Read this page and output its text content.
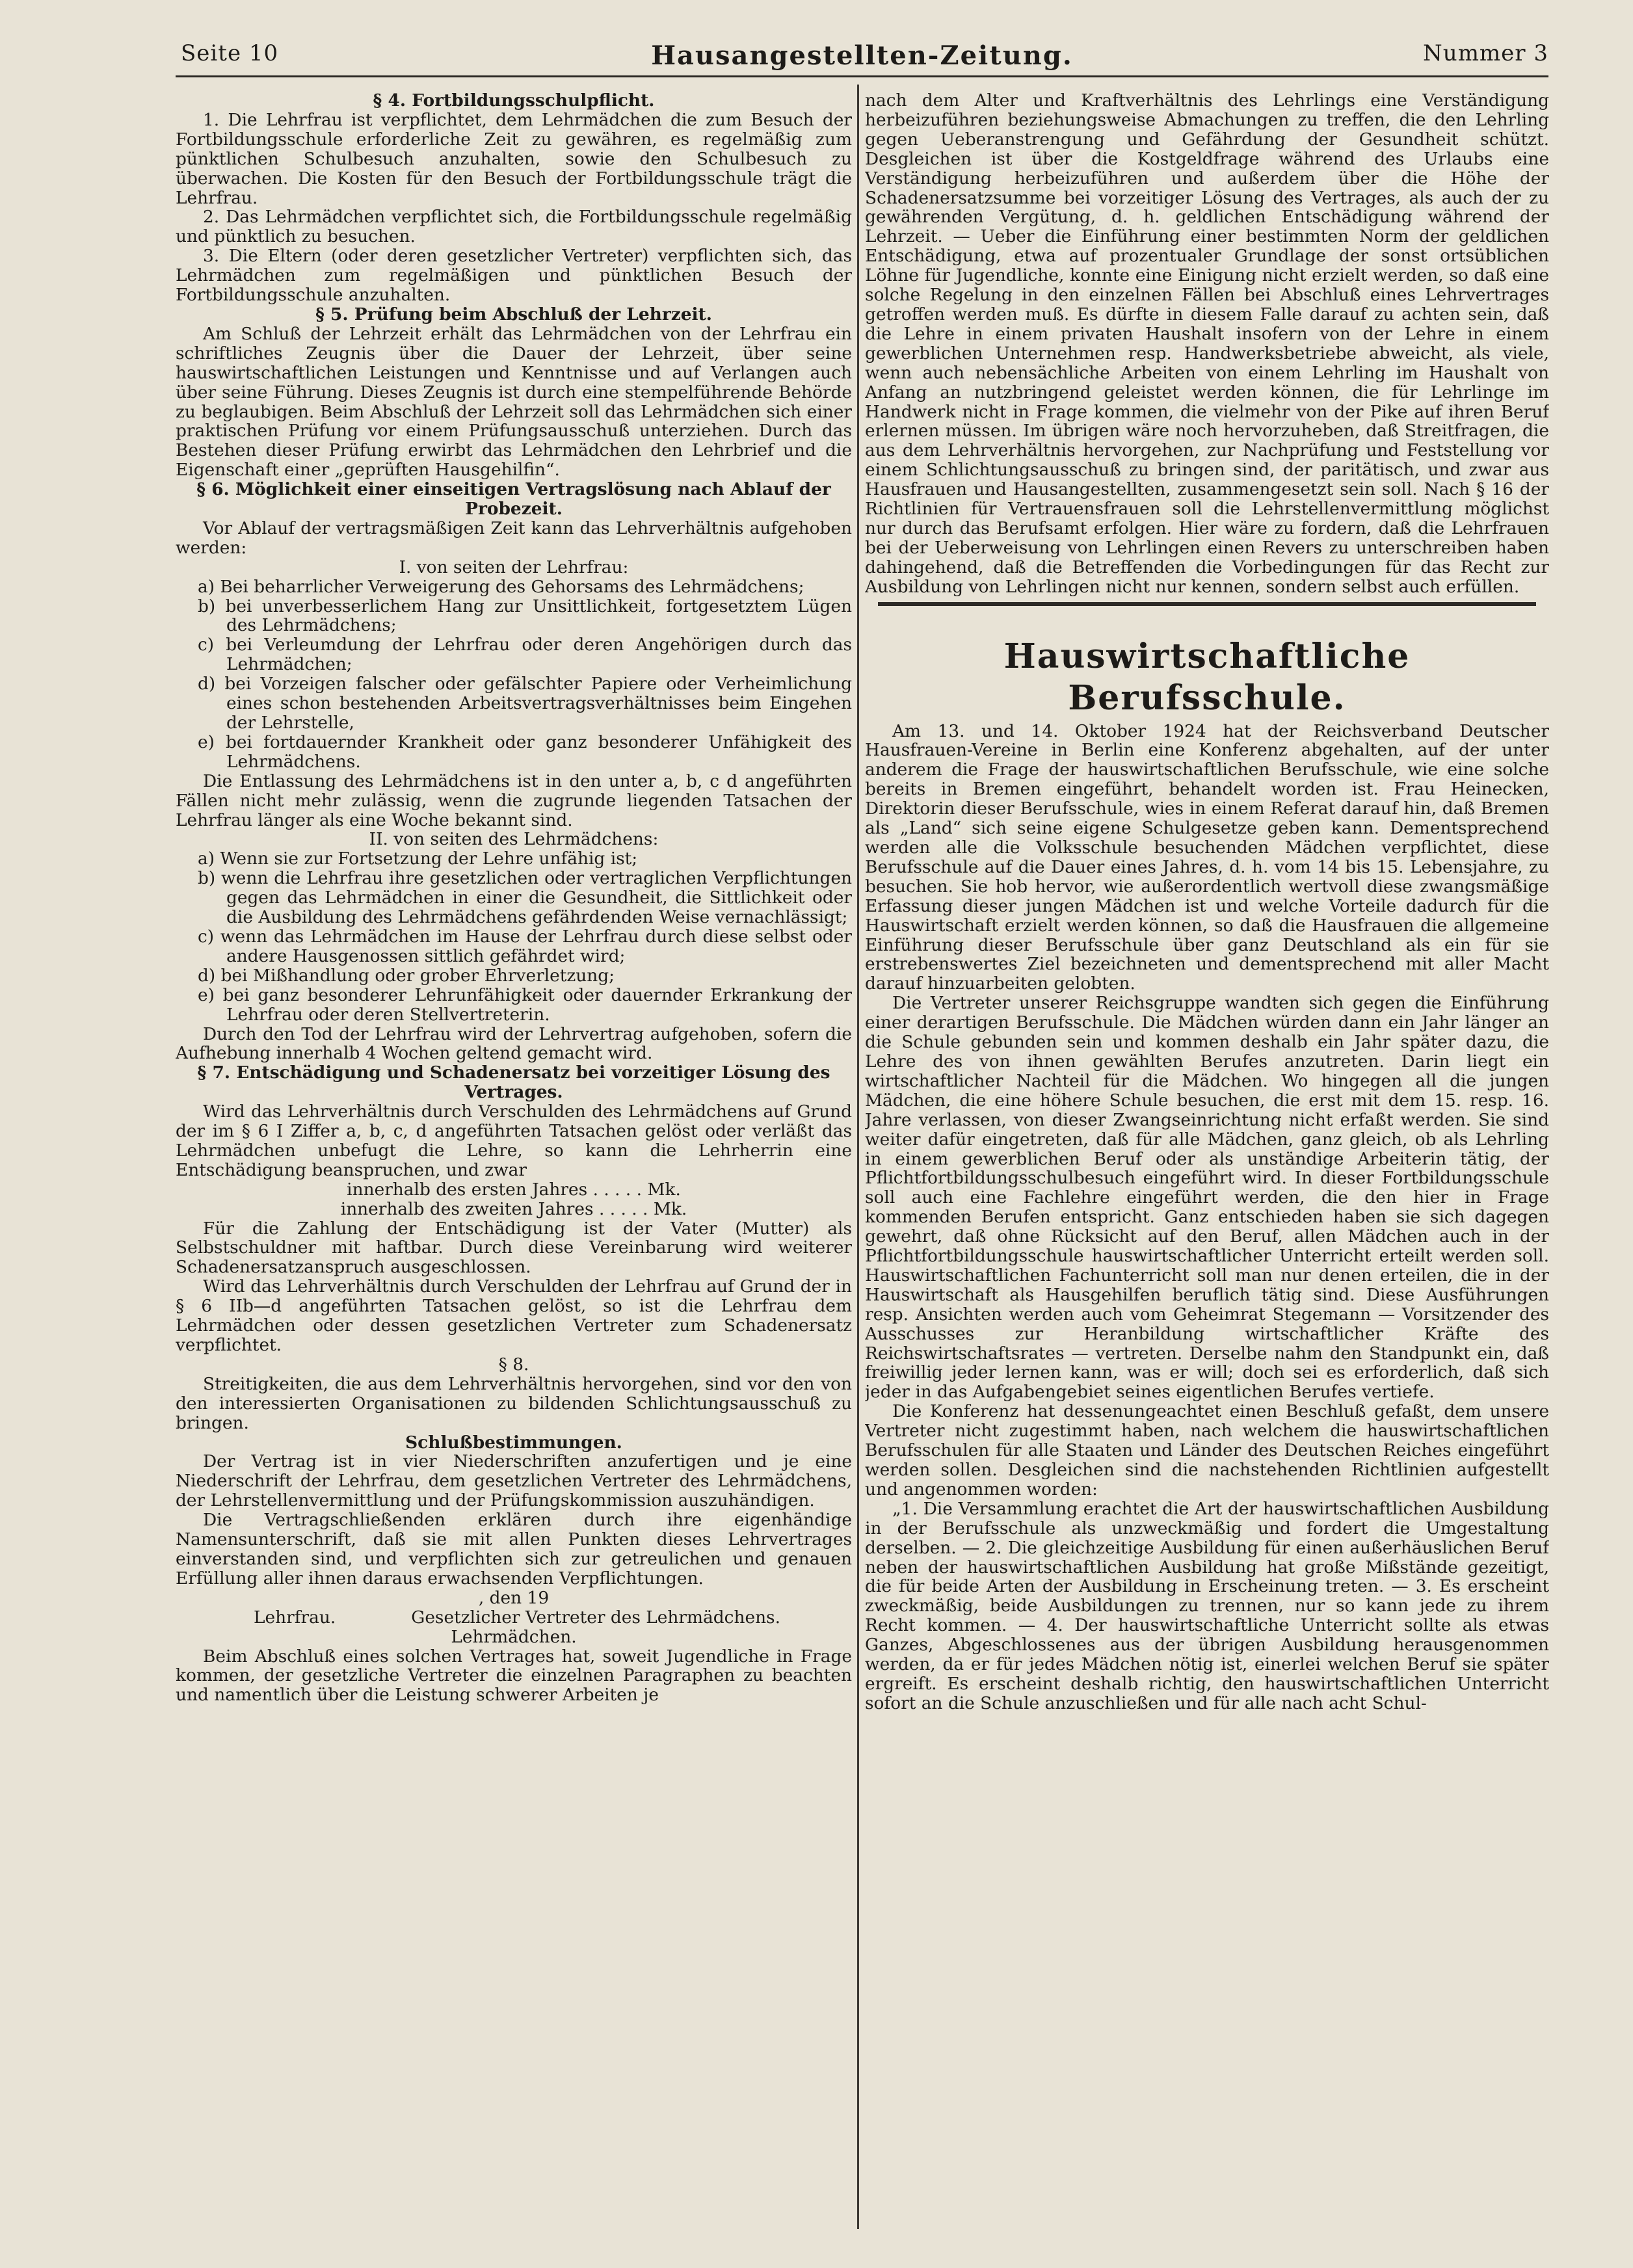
Seite 10	Hausangestellten-Zeitung.	Nummer 3

§ 4. Fortbildungsschulpflicht.

1. Die Lehrfrau ist verpflichtet, dem Lehrmädchen die zum Besuch der Fortbildungsschule erforderliche Zeit zu gewähren, es regelmäßig zum pünktlichen Schulbesuch anzuhalten, sowie den Schulbesuch zu überwachen. Die Kosten für den Besuch der Fortbildungsschule trägt die Lehrfrau.

2. Das Lehrmädchen verpflichtet sich, die Fortbildungsschule regelmäßig und pünktlich zu besuchen.

3. Die Eltern (oder deren gesetzlicher Vertreter) verpflichten sich, das Lehrmädchen zum regelmäßigen und pünktlichen Besuch der Fortbildungsschule anzuhalten.

§ 5. Prüfung beim Abschluß der Lehrzeit.

Am Schluß der Lehrzeit erhält das Lehrmädchen von der Lehrfrau ein schriftliches Zeugnis über die Dauer der Lehrzeit, über seine hauswirtschaftlichen Leistungen und Kenntnisse und auf Verlangen auch über seine Führung. Dieses Zeugnis ist durch eine stempelführende Behörde zu beglaubigen. Beim Abschluß der Lehrzeit soll das Lehrmädchen sich einer praktischen Prüfung vor einem Prüfungsausschuß unterziehen. Durch das Bestehen dieser Prüfung erwirbt das Lehrmädchen den Lehrbrief und die Eigenschaft einer „geprüften Hausgehilfin“.

§ 6. Möglichkeit einer einseitigen Vertragslösung nach Ablauf der Probezeit.

Vor Ablauf der vertragsmäßigen Zeit kann das Lehrverhältnis aufgehoben werden:

I. von seiten der Lehrfrau:

a) Bei beharrlicher Verweigerung des Gehorsams des Lehrmädchens;

b) bei unverbesserlichem Hang zur Unsittlichkeit, fortgesetztem Lügen des Lehrmädchens;

c) bei Verleumdung der Lehrfrau oder deren Angehörigen durch das Lehrmädchen;

d) bei Vorzeigen falscher oder gefälschter Papiere oder Verheimlichung eines schon bestehenden Arbeitsvertragsverhältnisses beim Eingehen der Lehrstelle,

e) bei fortdauernder Krankheit oder ganz besonderer Unfähigkeit des Lehrmädchens.

Die Entlassung des Lehrmädchens ist in den unter a, b, c d angeführten Fällen nicht mehr zulässig, wenn die zugrunde liegenden Tatsachen der Lehrfrau länger als eine Woche bekannt sind.

II. von seiten des Lehrmädchens:

a) Wenn sie zur Fortsetzung der Lehre unfähig ist;

b) wenn die Lehrfrau ihre gesetzlichen oder vertraglichen Verpflichtungen gegen das Lehrmädchen in einer die Gesundheit, die Sittlichkeit oder die Ausbildung des Lehrmädchens gefährdenden Weise vernachlässigt;

c) wenn das Lehrmädchen im Hause der Lehrfrau durch diese selbst oder andere Hausgenossen sittlich gefährdet wird;

d) bei Mißhandlung oder grober Ehrverletzung;

e) bei ganz besonderer Lehrunfähigkeit oder dauernder Erkrankung der Lehrfrau oder deren Stellvertreterin.

Durch den Tod der Lehrfrau wird der Lehrvertrag aufgehoben, sofern die Aufhebung innerhalb 4 Wochen geltend gemacht wird.

§ 7. Entschädigung und Schadenersatz bei vorzeitiger Lösung des Vertrages.

Wird das Lehrverhältnis durch Verschulden des Lehrmädchens auf Grund der im § 6 I Ziffer a, b, c, d angeführten Tatsachen gelöst oder verläßt das Lehrmädchen unbefugt die Lehre, so kann die Lehrherrin eine Entschädigung beanspruchen, und zwar

innerhalb des ersten Jahres . . . . . Mk.

innerhalb des zweiten Jahres . . . . . Mk.

Für die Zahlung der Entschädigung ist der Vater (Mutter) als Selbstschuldner mit haftbar. Durch diese Vereinbarung wird weiterer Schadenersatzanspruch ausgeschlossen.

Wird das Lehrverhältnis durch Verschulden der Lehrfrau auf Grund der in § 6 IIb—d angeführten Tatsachen gelöst, so ist die Lehrfrau dem Lehrmädchen oder dessen gesetzlichen Vertreter zum Schadenersatz verpflichtet.

§ 8.

Streitigkeiten, die aus dem Lehrverhältnis hervorgehen, sind vor den von den interessierten Organisationen zu bildenden Schlichtungsausschuß zu bringen.

Schlußbestimmungen.

Der Vertrag ist in vier Niederschriften anzufertigen und je eine Niederschrift der Lehrfrau, dem gesetzlichen Vertreter des Lehrmädchens, der Lehrstellenvermittlung und der Prüfungskommission auszuhändigen.

Die Vertragschließenden erklären durch ihre eigenhändige Namensunterschrift, daß sie mit allen Punkten dieses Lehrvertrages einverstanden sind, und verpflichten sich zur getreulichen und genauen Erfüllung aller ihnen daraus erwachsenden Verpflichtungen.

, den 19

Lehrfrau.	Gesetzlicher Vertreter des Lehrmädchens.

Lehrmädchen.

Beim Abschluß eines solchen Vertrages hat, soweit Jugendliche in Frage kommen, der gesetzliche Vertreter die einzelnen Paragraphen zu beachten und namentlich über die Leistung schwerer Arbeiten je

nach dem Alter und Kraftverhältnis des Lehrlings eine Verständigung herbeizuführen beziehungsweise Abmachungen zu treffen, die den Lehrling gegen Ueberanstrengung und Gefährdung der Gesundheit schützt. Desgleichen ist über die Kostgeldfrage während des Urlaubs eine Verständigung herbeizuführen und außerdem über die Höhe der Schadenersatzsumme bei vorzeitiger Lösung des Vertrages, als auch der zu gewährenden Vergütung, d. h. geldlichen Entschädigung während der Lehrzeit. — Ueber die Einführung einer bestimmten Norm der geldlichen Entschädigung, etwa auf prozentualer Grundlage der sonst ortsüblichen Löhne für Jugendliche, konnte eine Einigung nicht erzielt werden, so daß eine solche Regelung in den einzelnen Fällen bei Abschluß eines Lehrvertrages getroffen werden muß. Es dürfte in diesem Falle darauf zu achten sein, daß die Lehre in einem privaten Haushalt insofern von der Lehre in einem gewerblichen Unternehmen resp. Handwerksbetriebe abweicht, als viele, wenn auch nebensächliche Arbeiten von einem Lehrling im Haushalt von Anfang an nutzbringend geleistet werden können, die für Lehrlinge im Handwerk nicht in Frage kommen, die vielmehr von der Pike auf ihren Beruf erlernen müssen. Im übrigen wäre noch hervorzuheben, daß Streitfragen, die aus dem Lehrverhältnis hervorgehen, zur Nachprüfung und Feststellung vor einem Schlichtungsausschuß zu bringen sind, der paritätisch, und zwar aus Hausfrauen und Hausangestellten, zusammengesetzt sein soll. Nach § 16 der Richtlinien für Vertrauensfrauen soll die Lehrstellenvermittlung möglichst nur durch das Berufsamt erfolgen. Hier wäre zu fordern, daß die Lehrfrauen bei der Ueberweisung von Lehrlingen einen Revers zu unterschreiben haben dahingehend, daß die Betreffenden die Vorbedingungen für das Recht zur Ausbildung von Lehrlingen nicht nur kennen, sondern selbst auch erfüllen.

Hauswirtschaftliche Berufsschule.

Am 13. und 14. Oktober 1924 hat der Reichsverband Deutscher Hausfrauen-Vereine in Berlin eine Konferenz abgehalten, auf der unter anderem die Frage der hauswirtschaftlichen Berufsschule, wie eine solche bereits in Bremen eingeführt, behandelt worden ist. Frau Heinecken, Direktorin dieser Berufsschule, wies in einem Referat darauf hin, daß Bremen als „Land“ sich seine eigene Schulgesetze geben kann. Dementsprechend werden alle die Volksschule besuchenden Mädchen verpflichtet, diese Berufsschule auf die Dauer eines Jahres, d. h. vom 14 bis 15. Lebensjahre, zu besuchen. Sie hob hervor, wie außerordentlich wertvoll diese zwangsmäßige Erfassung dieser jungen Mädchen ist und welche Vorteile dadurch für die Hauswirtschaft erzielt werden können, so daß die Hausfrauen die allgemeine Einführung dieser Berufsschule über ganz Deutschland als ein für sie erstrebenswertes Ziel bezeichneten und dementsprechend mit aller Macht darauf hinzuarbeiten gelobten.

Die Vertreter unserer Reichsgruppe wandten sich gegen die Einführung einer derartigen Berufsschule. Die Mädchen würden dann ein Jahr länger an die Schule gebunden sein und kommen deshalb ein Jahr später dazu, die Lehre des von ihnen gewählten Berufes anzutreten. Darin liegt ein wirtschaftlicher Nachteil für die Mädchen. Wo hingegen all die jungen Mädchen, die eine höhere Schule besuchen, die erst mit dem 15. resp. 16. Jahre verlassen, von dieser Zwangseinrichtung nicht erfaßt werden. Sie sind weiter dafür eingetreten, daß für alle Mädchen, ganz gleich, ob als Lehrling in einem gewerblichen Beruf oder als unständige Arbeiterin tätig, der Pflichtfortbildungsschulbesuch eingeführt wird. In dieser Fortbildungsschule soll auch eine Fachlehre eingeführt werden, die den hier in Frage kommenden Berufen entspricht. Ganz entschieden haben sie sich dagegen gewehrt, daß ohne Rücksicht auf den Beruf, allen Mädchen auch in der Pflichtfortbildungsschule hauswirtschaftlicher Unterricht erteilt werden soll. Hauswirtschaftlichen Fachunterricht soll man nur denen erteilen, die in der Hauswirtschaft als Hausgehilfen beruflich tätig sind. Diese Ausführungen resp. Ansichten werden auch vom Geheimrat Stegemann — Vorsitzender des Ausschusses zur Heranbildung wirtschaftlicher Kräfte des Reichswirtschaftsrates — vertreten. Derselbe nahm den Standpunkt ein, daß freiwillig jeder lernen kann, was er will; doch sei es erforderlich, daß sich jeder in das Aufgabengebiet seines eigentlichen Berufes vertiefe.

Die Konferenz hat dessenungeachtet einen Beschluß gefaßt, dem unsere Vertreter nicht zugestimmt haben, nach welchem die hauswirtschaftlichen Berufsschulen für alle Staaten und Länder des Deutschen Reiches eingeführt werden sollen. Desgleichen sind die nachstehenden Richtlinien aufgestellt und angenommen worden:

„1. Die Versammlung erachtet die Art der hauswirtschaftlichen Ausbildung in der Berufsschule als unzweckmäßig und fordert die Umgestaltung derselben. — 2. Die gleichzeitige Ausbildung für einen außerhäuslichen Beruf neben der hauswirtschaftlichen Ausbildung hat große Mißstände gezeitigt, die für beide Arten der Ausbildung in Erscheinung treten. — 3. Es erscheint zweckmäßig, beide Ausbildungen zu trennen, nur so kann jede zu ihrem Recht kommen. — 4. Der hauswirtschaftliche Unterricht sollte als etwas Ganzes, Abgeschlossenes aus der übrigen Ausbildung herausgenommen werden, da er für jedes Mädchen nötig ist, einerlei welchen Beruf sie später ergreift. Es erscheint deshalb richtig, den hauswirtschaftlichen Unterricht sofort an die Schule anzuschließen und für alle nach acht Schul-
